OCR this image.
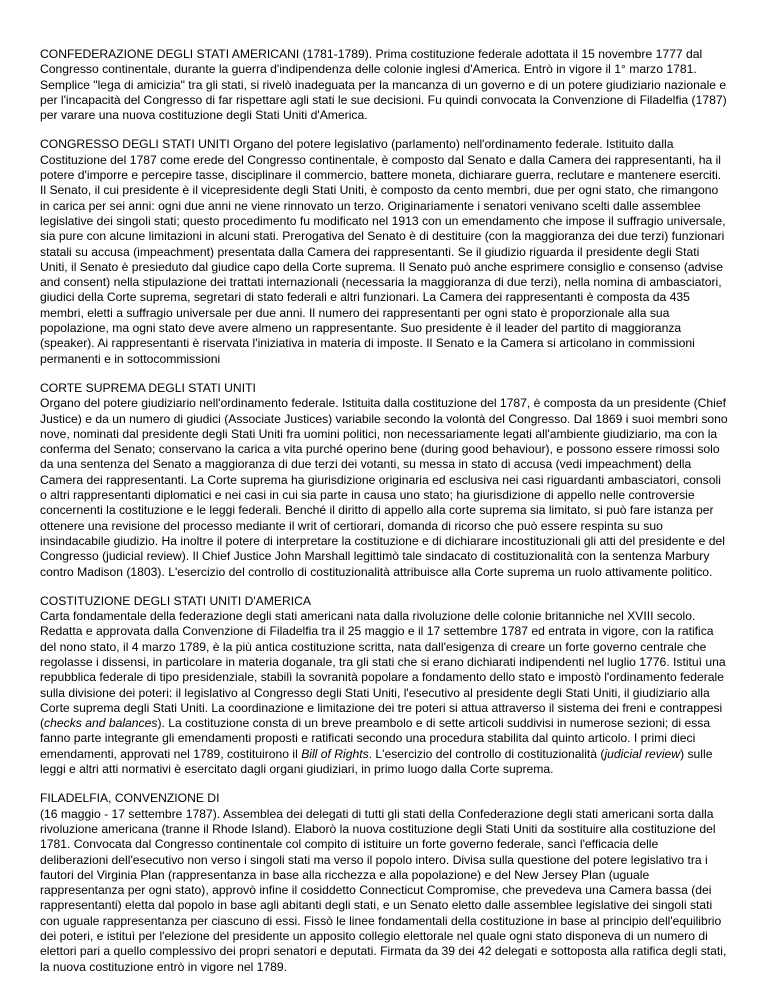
CONFEDERAZIONE DEGLI STATI AMERICANI (1781-1789). Prima costituzione federale adottata il 15 novembre 1777 dal Congresso continentale, durante la guerra d'indipendenza delle colonie inglesi d'America. Entrò in vigore il 1° marzo 1781. Semplice "lega di amicizia" tra gli stati, si rivelò inadeguata per la mancanza di un governo e di un potere giudiziario nazionale e per l'incapacità del Congresso di far rispettare agli stati le sue decisioni. Fu quindi convocata la Convenzione di Filadelfia (1787) per varare una nuova costituzione degli Stati Uniti d'America.

CONGRESSO DEGLI STATI UNITI Organo del potere legislativo (parlamento) nell'ordinamento federale. Istituito dalla Costituzione del 1787 come erede del Congresso continentale, è composto dal Senato e dalla Camera dei rappresentanti, ha il potere d'imporre e percepire tasse, disciplinare il commercio, battere moneta, dichiarare guerra, reclutare e mantenere eserciti. Il Senato, il cui presidente è il vicepresidente degli Stati Uniti, è composto da cento membri, due per ogni stato, che rimangono in carica per sei anni: ogni due anni ne viene rinnovato un terzo. Originariamente i senatori venivano scelti dalle assemblee legislative dei singoli stati; questo procedimento fu modificato nel 1913 con un emendamento che impose il suffragio universale, sia pure con alcune limitazioni in alcuni stati. Prerogativa del Senato è di destituire (con la maggioranza dei due terzi) funzionari statali su accusa (impeachment) presentata dalla Camera dei rappresentanti. Se il giudizio riguarda il presidente degli Stati Uniti, il Senato è presieduto dal giudice capo della Corte suprema. Il Senato può anche esprimere consiglio e consenso (advise and consent) nella stipulazione dei trattati internazionali (necessaria la maggioranza di due terzi), nella nomina di ambasciatori, giudici della Corte suprema, segretari di stato federali e altri funzionari. La Camera dei rappresentanti è composta da 435 membri, eletti a suffragio universale per due anni. Il numero dei rappresentanti per ogni stato è proporzionale alla sua popolazione, ma ogni stato deve avere almeno un rappresentante. Suo presidente è il leader del partito di maggioranza (speaker). Ai rappresentanti è riservata l'iniziativa in materia di imposte. Il Senato e la Camera si articolano in commissioni permanenti e in sottocommissioni

CORTE SUPREMA DEGLI STATI UNITI

Organo del potere giudiziario nell'ordinamento federale. Istituita dalla costituzione del 1787, è composta da un presidente (Chief Justice) e da un numero di giudici (Associate Justices) variabile secondo la volontà del Congresso. Dal 1869 i suoi membri sono nove, nominati dal presidente degli Stati Uniti fra uomini politici, non necessariamente legati all'ambiente giudiziario, ma con la conferma del Senato; conservano la carica a vita purché operino bene (during good behaviour), e possono essere rimossi solo da una sentenza del Senato a maggioranza di due terzi dei votanti, su messa in stato di accusa (vedi impeachment) della Camera dei rappresentanti. La Corte suprema ha giurisdizione originaria ed esclusiva nei casi riguardanti ambasciatori, consoli o altri rappresentanti diplomatici e nei casi in cui sia parte in causa uno stato; ha giurisdizione di appello nelle controversie concernenti la costituzione e le leggi federali. Benché il diritto di appello alla corte suprema sia limitato, si può fare istanza per ottenere una revisione del processo mediante il writ of certiorari, domanda di ricorso che può essere respinta su suo insindacabile giudizio. Ha inoltre il potere di interpretare la costituzione e di dichiarare incostituzionali gli atti del presidente e del Congresso (judicial review). Il Chief Justice John Marshall legittimò tale sindacato di costituzionalità con la sentenza Marbury contro Madison (1803). L'esercizio del controllo di costituzionalità attribuisce alla Corte suprema un ruolo attivamente politico.

COSTITUZIONE DEGLI STATI UNITI D'AMERICA

Carta fondamentale della federazione degli stati americani nata dalla rivoluzione delle colonie britanniche nel XVIII secolo. Redatta e approvata dalla Convenzione di Filadelfia tra il 25 maggio e il 17 settembre 1787 ed entrata in vigore, con la ratifica del nono stato, il 4 marzo 1789, è la più antica costituzione scritta, nata dall'esigenza di creare un forte governo centrale che regolasse i dissensi, in particolare in materia doganale, tra gli stati che si erano dichiarati indipendenti nel luglio 1776. Istituì una repubblica federale di tipo presidenziale, stabilì la sovranità popolare a fondamento dello stato e impostò l'ordinamento federale sulla divisione dei poteri: il legislativo al Congresso degli Stati Uniti, l'esecutivo al presidente degli Stati Uniti, il giudiziario alla Corte suprema degli Stati Uniti. La coordinazione e limitazione dei tre poteri si attua attraverso il sistema dei freni e contrappesi (checks and balances). La costituzione consta di un breve preambolo e di sette articoli suddivisi in numerose sezioni; di essa fanno parte integrante gli emendamenti proposti e ratificati secondo una procedura stabilita dal quinto articolo. I primi dieci emendamenti, approvati nel 1789, costituirono il Bill of Rights. L'esercizio del controllo di costituzionalità (judicial review) sulle leggi e altri atti normativi è esercitato dagli organi giudiziari, in primo luogo dalla Corte suprema.

FILADELFIA, CONVENZIONE DI

(16 maggio - 17 settembre 1787). Assemblea dei delegati di tutti gli stati della Confederazione degli stati americani sorta dalla rivoluzione americana (tranne il Rhode Island). Elaborò la nuova costituzione degli Stati Uniti da sostituire alla costituzione del 1781. Convocata dal Congresso continentale col compito di istituire un forte governo federale, sancì l'efficacia delle deliberazioni dell'esecutivo non verso i singoli stati ma verso il popolo intero. Divisa sulla questione del potere legislativo tra i fautori del Virginia Plan (rappresentanza in base alla ricchezza e alla popolazione) e del New Jersey Plan (uguale rappresentanza per ogni stato), approvò infine il cosiddetto Connecticut Compromise, che prevedeva una Camera bassa (dei rappresentanti) eletta dal popolo in base agli abitanti degli stati, e un Senato eletto dalle assemblee legislative dei singoli stati con uguale rappresentanza per ciascuno di essi. Fissò le linee fondamentali della costituzione in base al principio dell'equilibrio dei poteri, e istituì per l'elezione del presidente un apposito collegio elettorale nel quale ogni stato disponeva di un numero di elettori pari a quello complessivo dei propri senatori e deputati. Firmata da 39 dei 42 delegati e sottoposta alla ratifica degli stati, la nuova costituzione entrò in vigore nel 1789.
